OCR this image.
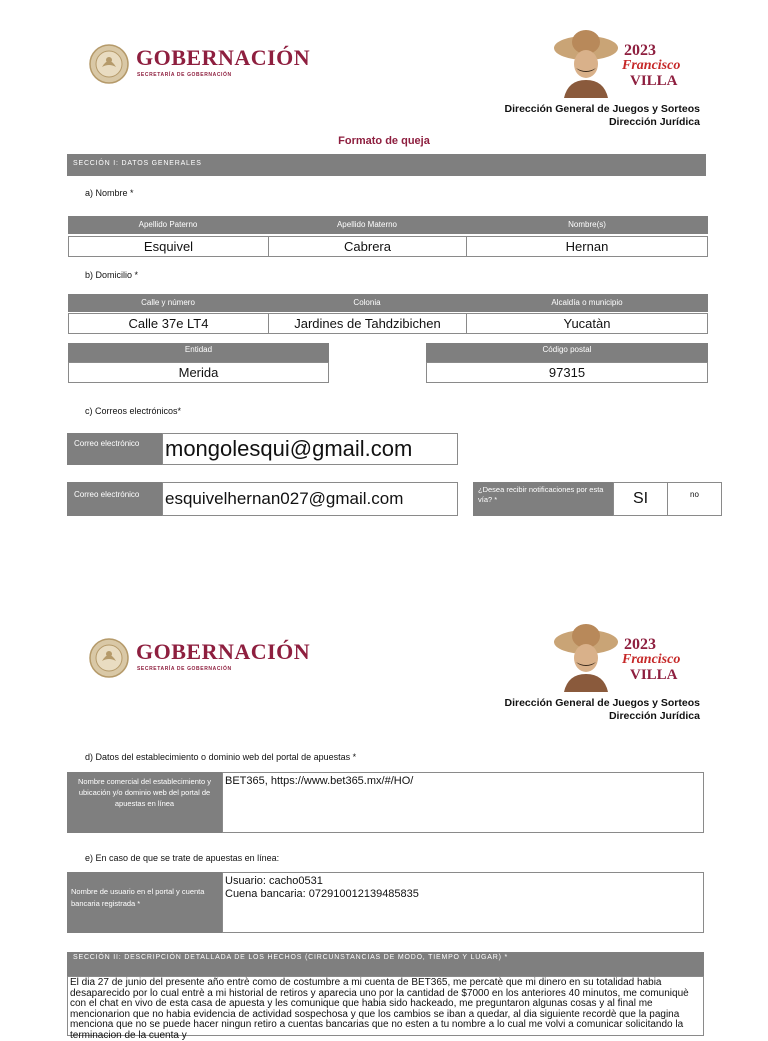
GOBERNACIÓN
SECRETARÍA DE GOBERNACIÓN
2023
Francisco
VILLA
Dirección General de Juegos y Sorteos
Dirección Jurídica
Formato de queja
SECCIÓN I: DATOS GENERALES
a) Nombre *
Apellido Paterno	Apellido Materno	Nombre(s)
Esquivel	Cabrera	Hernan
b) Domicilio *
Calle y número	Colonia	Alcaldía o municipio
Calle 37e LT4	Jardines de Tahdzibichen	Yucatàn
Entidad
Merida
Código postal
97315
c) Correos electrónicos*
Correo electrónico	mongolesqui@gmail.com
Correo electrónico	esquivelhernan027@gmail.com	¿Desea recibir notificaciones por esta vía? *	SI	no
GOBERNACIÓN
SECRETARÍA DE GOBERNACIÓN
2023
Francisco
VILLA
Dirección General de Juegos y Sorteos
Dirección Jurídica
d) Datos del establecimiento o dominio web del portal de apuestas *
Nombre comercial del establecimiento y ubicación y/o dominio web del portal de apuestas en línea
BET365, https://www.bet365.mx/#/HO/
e) En caso de que se trate de apuestas en línea:
Nombre de usuario en el portal y cuenta bancaria registrada *
Usuario: cacho0531
Cuena bancaria: 072910012139485835
SECCIÓN II: DESCRIPCIÓN DETALLADA DE LOS HECHOS (CIRCUNSTANCIAS DE MODO, TIEMPO Y LUGAR) *
El dia 27 de junio del presente año entrè como de costumbre a mi cuenta de BET365, me percatè que mi dinero en su totalidad habia desaparecido por lo cual entrè a mi historial de retiros y aparecia uno por la cantidad de $7000 en los anteriores 40 minutos, me comuniquè con el chat en vivo de esta casa de apuesta y les comunique que habia sido hackeado, me preguntaron algunas cosas y al final me mencionarion que no habia evidencia de actividad sospechosa y que los cambios se iban a quedar, al dia siguiente recordè que la pagina menciona que no se puede hacer ningun retiro a cuentas bancarias que no esten a tu nombre a lo cual me volvi a comunicar solicitando la terminacion de la cuenta y
